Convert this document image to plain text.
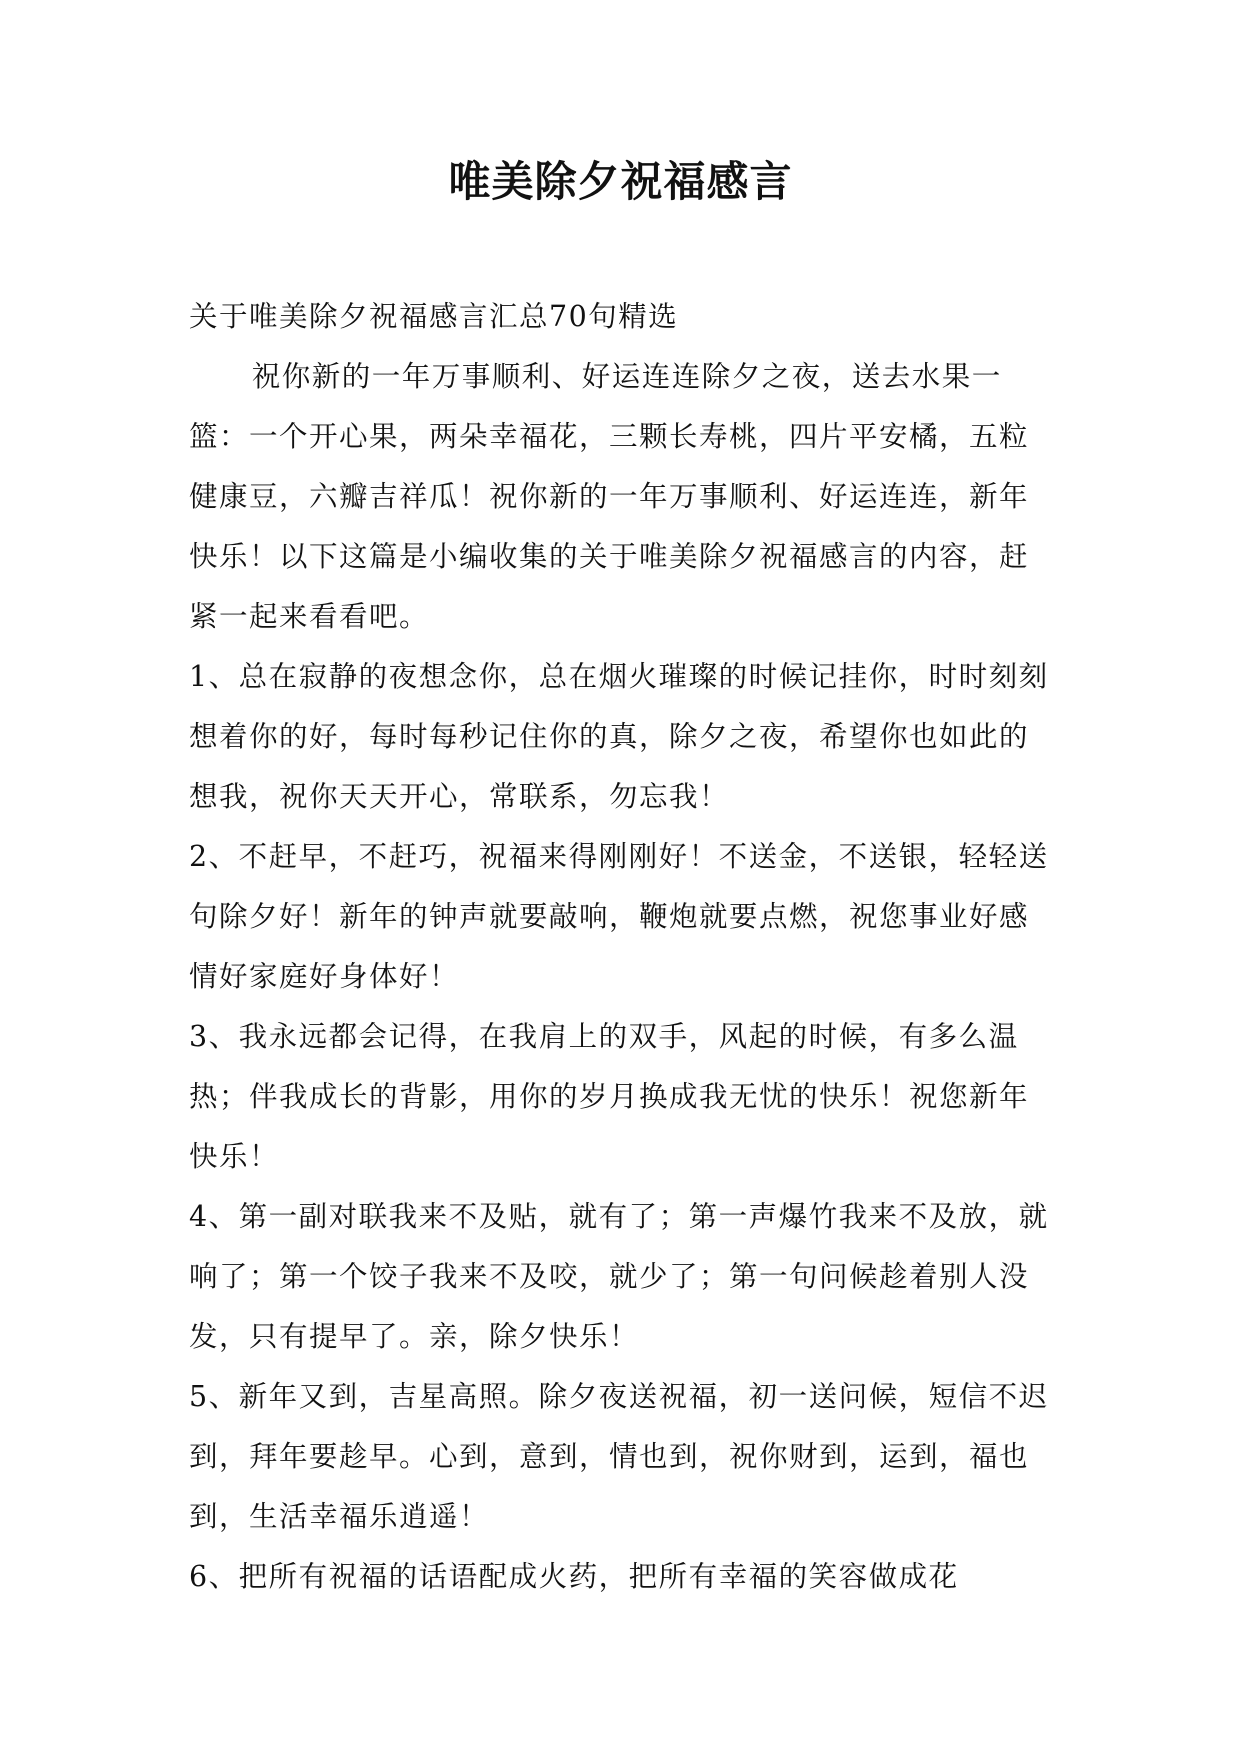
唯美除夕祝福感言

关于唯美除夕祝福感言汇总70句精选

祝你新的一年万事顺利、好运连连除夕之夜，送去水果一篮：一个开心果，两朵幸福花，三颗长寿桃，四片平安橘，五粒健康豆，六瓣吉祥瓜！祝你新的一年万事顺利、好运连连，新年快乐！以下这篇是小编收集的关于唯美除夕祝福感言的内容，赶紧一起来看看吧。

1、总在寂静的夜想念你，总在烟火璀璨的时候记挂你，时时刻刻想着你的好，每时每秒记住你的真，除夕之夜，希望你也如此的想我，祝你天天开心，常联系，勿忘我！

2、不赶早，不赶巧，祝福来得刚刚好！不送金，不送银，轻轻送句除夕好！新年的钟声就要敲响，鞭炮就要点燃，祝您事业好感情好家庭好身体好！

3、我永远都会记得，在我肩上的双手，风起的时候，有多么温热；伴我成长的背影，用你的岁月换成我无忧的快乐！祝您新年快乐！

4、第一副对联我来不及贴，就有了；第一声爆竹我来不及放，就响了；第一个饺子我来不及咬，就少了；第一句问候趁着别人没发，只有提早了。亲，除夕快乐！

5、新年又到，吉星高照。除夕夜送祝福，初一送问候，短信不迟到，拜年要趁早。心到，意到，情也到，祝你财到，运到，福也到，生活幸福乐逍遥！

6、把所有祝福的话语配成火药，把所有幸福的笑容做成花
